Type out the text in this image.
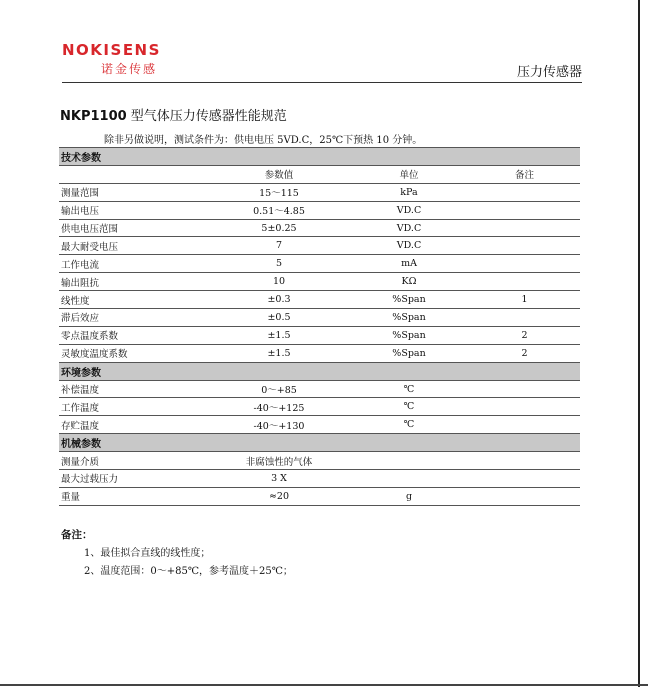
NOKISENS
诺金传感	压力传感器
NKP1100 型气体压力传感器性能规范
除非另做说明，测试条件为：供电电压 5VD.C，25℃下预热 10 分钟。
技术参数			
	参数值	单位	备注
测量范围	15～115	kPa	
输出电压	0.51～4.85	VD.C	
供电电压范围	5±0.25	VD.C	
最大耐受电压	7	VD.C	
工作电流	5	mA	
输出阻抗	10	KΩ	
线性度	±0.3	%Span	1
滞后效应	±0.5	%Span	
零点温度系数	±1.5	%Span	2
灵敏度温度系数	±1.5	%Span	2
环境参数			
补偿温度	0～+85	℃	
工作温度	-40～+125	℃	
存贮温度	-40～+130	℃	
机械参数			
测量介质	非腐蚀性的气体		
最大过载压力	3 X		
重量	≈20	g	
备注：
1、最佳拟合直线的线性度；
2、温度范围：0～+85℃，参考温度＋25℃；
